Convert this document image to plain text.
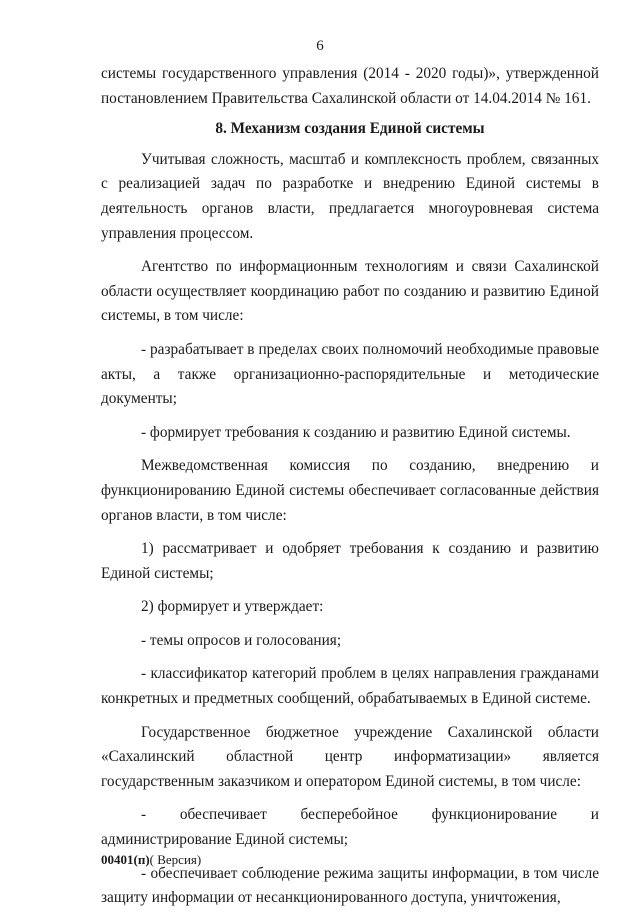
6

системы государственного управления (2014 - 2020 годы)», утвержденной постановлением Правительства Сахалинской области от 14.04.2014 № 161.

8. Механизм создания Единой системы

Учитывая сложность, масштаб и комплексность проблем, связанных с реализацией задач по разработке и внедрению Единой системы в деятельность органов власти, предлагается многоуровневая система управления процессом.

Агентство по информационным технологиям и связи Сахалинской области осуществляет координацию работ по созданию и развитию Единой системы, в том числе:

- разрабатывает в пределах своих полномочий необходимые правовые акты, а также организационно-распорядительные и методические документы;

- формирует требования к созданию и развитию Единой системы.

Межведомственная комиссия по созданию, внедрению и функционированию Единой системы обеспечивает согласованные действия органов власти, в том числе:

1) рассматривает и одобряет требования к созданию и развитию Единой системы;

2) формирует и утверждает:

- темы опросов и голосования;

- классификатор категорий проблем в целях направления гражданами конкретных и предметных сообщений, обрабатываемых в Единой системе.

Государственное бюджетное учреждение Сахалинской области «Сахалинский областной центр информатизации» является государственным заказчиком и оператором Единой системы, в том числе:

- обеспечивает бесперебойное функционирование и администрирование Единой системы;

- обеспечивает соблюдение режима защиты информации, в том числе защиту информации от несанкционированного доступа, уничтожения,

00401(п)( Версия)
